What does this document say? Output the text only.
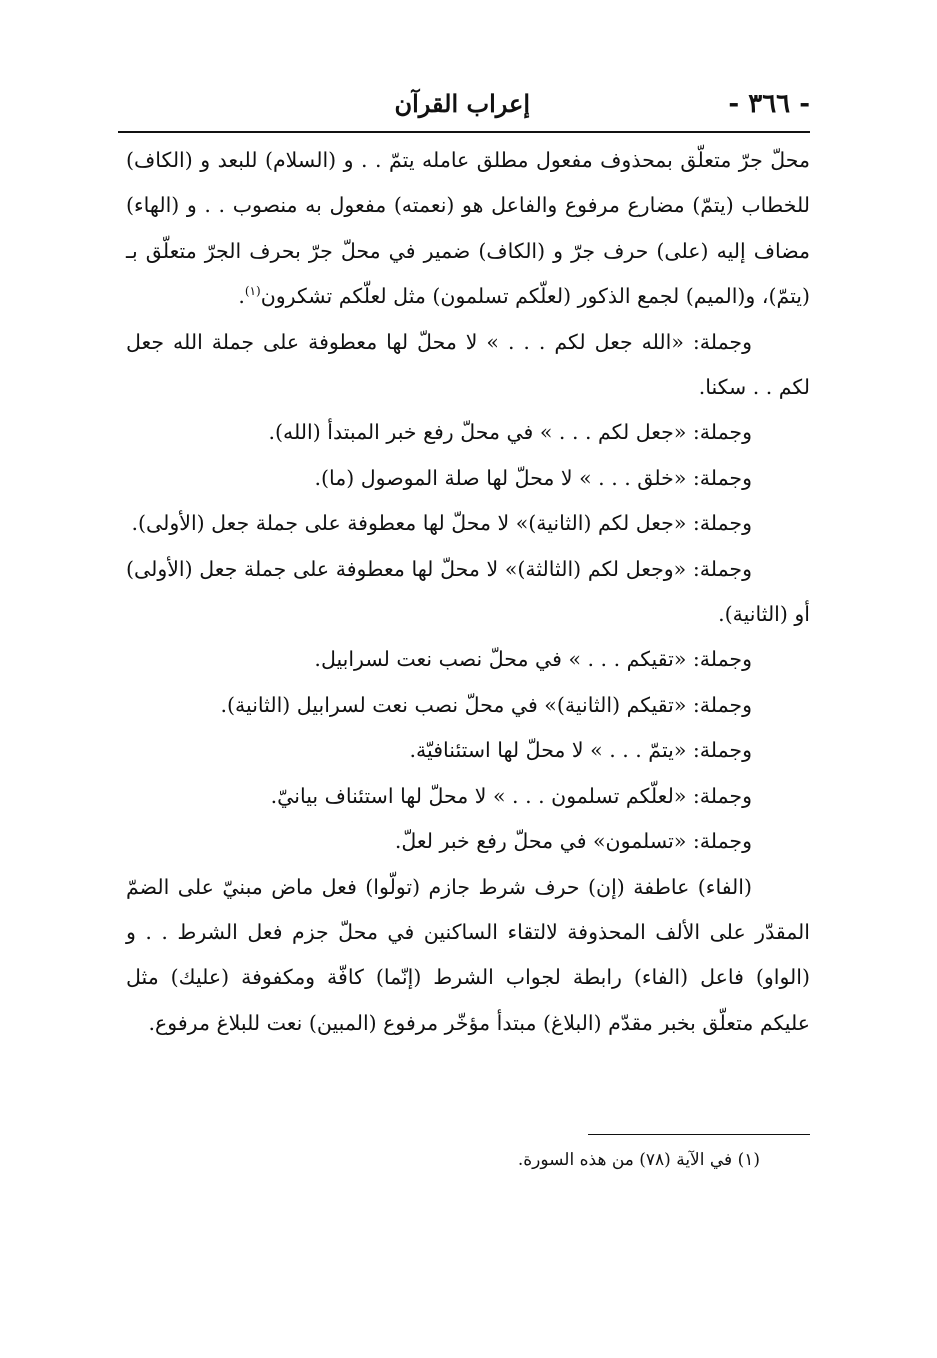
- ٣٦٦ -
إعراب القرآن

محلّ جرّ متعلّق بمحذوف مفعول مطلق عامله يتمّ . . و (السلام) للبعد و (الكاف) للخطاب (يتمّ) مضارع مرفوع والفاعل هو (نعمته) مفعول به منصوب . . و (الهاء) مضاف إليه (على) حرف جرّ و (الكاف) ضمير في محلّ جرّ بحرف الجرّ متعلّق بـ (يتمّ)، و(الميم) لجمع الذكور (لعلّكم تسلمون) مثل لعلّكم تشكرون$^{(١)}$.

وجملة: «الله جعل لكم . . . » لا محلّ لها معطوفة على جملة الله جعل لكم . . سكنا.

وجملة: «جعل لكم . . . » في محلّ رفع خبر المبتدأ (الله).

وجملة: «خلق . . . » لا محلّ لها صلة الموصول (ما).

وجملة: «جعل لكم (الثانية)» لا محلّ لها معطوفة على جملة جعل (الأولى).

وجملة: «وجعل لكم (الثالثة)» لا محلّ لها معطوفة على جملة جعل (الأولى) أو (الثانية).

وجملة: «تقيكم . . . » في محلّ نصب نعت لسرابيل.

وجملة: «تقيكم (الثانية)» في محلّ نصب نعت لسرابيل (الثانية).

وجملة: «يتمّ . . . » لا محلّ لها استئنافيّة.

وجملة: «لعلّكم تسلمون . . . » لا محلّ لها استئناف بيانيّ.

وجملة: «تسلمون» في محلّ رفع خبر لعلّ.

(الفاء) عاطفة (إن) حرف شرط جازم (تولّوا) فعل ماض مبنيّ على الضمّ المقدّر على الألف المحذوفة لالتقاء الساكنين في محلّ جزم فعل الشرط . . و (الواو) فاعل (الفاء) رابطة لجواب الشرط (إنّما) كافّة ومكفوفة (عليك) مثل عليكم متعلّق بخبر مقدّم (البلاغ) مبتدأ مؤخّر مرفوع (المبين) نعت للبلاغ مرفوع.

(١) في الآية (٧٨) من هذه السورة.
